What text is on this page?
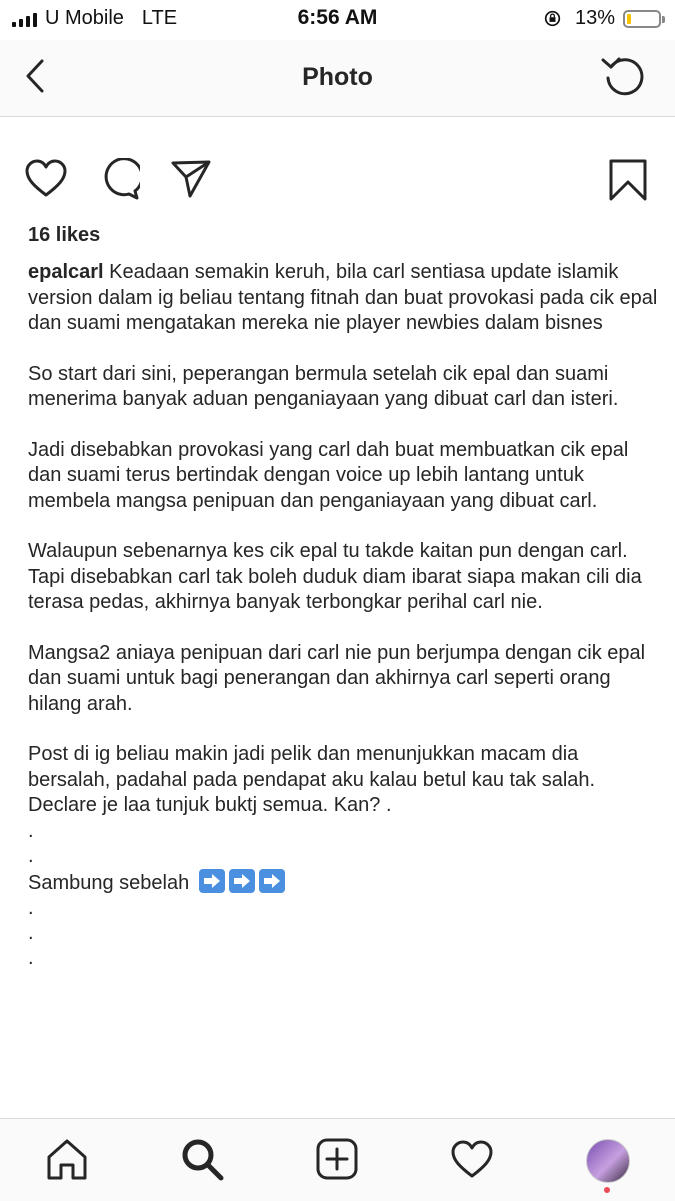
U Mobile LTE	6:56 AM	13%
Photo
16 likes

epalcarl Keadaan semakin keruh, bila carl sentiasa update islamik version dalam ig beliau tentang fitnah dan buat provokasi pada cik epal dan suami mengatakan mereka nie player newbies dalam bisnes

So start dari sini, peperangan bermula setelah cik epal dan suami menerima banyak aduan penganiayaan yang dibuat carl dan isteri.

Jadi disebabkan provokasi yang carl dah buat membuatkan cik epal dan suami terus bertindak dengan voice up lebih lantang untuk membela mangsa penipuan dan penganiayaan yang dibuat carl.

Walaupun sebenarnya kes cik epal tu takde kaitan pun dengan carl. Tapi disebabkan carl tak boleh duduk diam ibarat siapa makan cili dia terasa pedas, akhirnya banyak terbongkar perihal carl nie.

Mangsa2 aniaya penipuan dari carl nie pun berjumpa dengan cik epal dan suami untuk bagi penerangan dan akhirnya carl seperti orang hilang arah.

Post di ig beliau makin jadi pelik dan menunjukkan macam dia bersalah, padahal pada pendapat aku kalau betul kau tak salah. Declare je laa tunjuk buktj semua. Kan? .

.

.

Sambung sebelah

.

.

.
